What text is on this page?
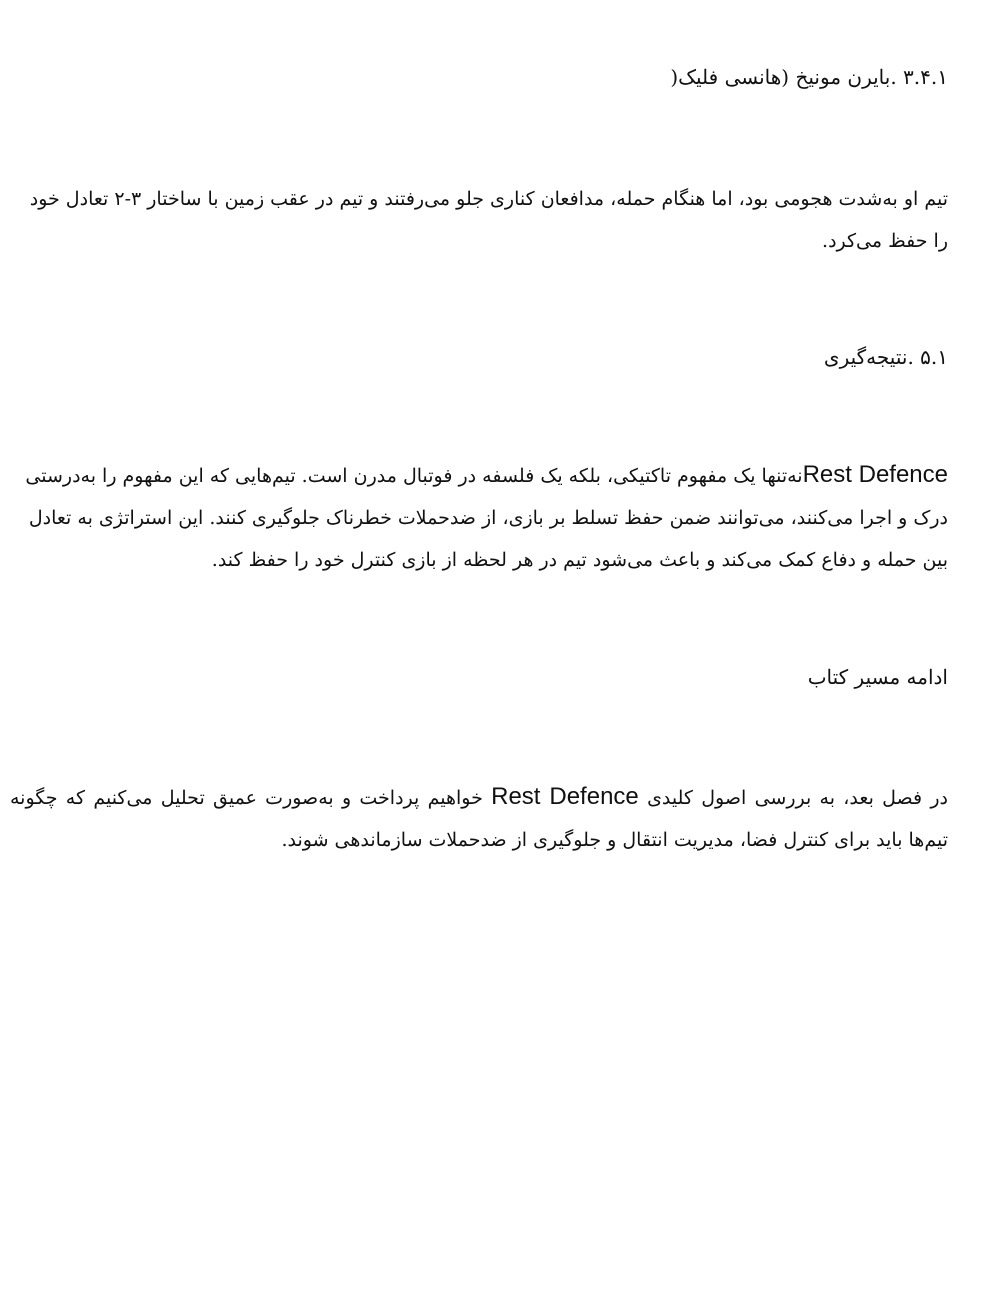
۳.۴.۱ .بایرن مونیخ (هانسی فلیک(
تیم او به‌شدت هجومی بود، اما هنگام حمله، مدافعان کناری جلو می‌رفتند و تیم در عقب زمین با ساختار ۳-۲ تعادل خود را حفظ می‌کرد.
۵.۱ .نتیجه‌گیری
Rest Defenceنه‌تنها یک مفهوم تاکتیکی، بلکه یک فلسفه در فوتبال مدرن است. تیم‌هایی که این مفهوم را به‌درستی درک و اجرا می‌کنند، می‌توانند ضمن حفظ تسلط بر بازی، از ضدحملات خطرناک جلوگیری کنند. این استراتژی به تعادل بین حمله و دفاع کمک می‌کند و باعث می‌شود تیم در هر لحظه از بازی کنترل خود را حفظ کند.
ادامه مسیر کتاب
در فصل بعد، به بررسی اصول کلیدی Rest Defence خواهیم پرداخت و به‌صورت عمیق تحلیل می‌کنیم که چگونه تیم‌ها باید برای کنترل فضا، مدیریت انتقال و جلوگیری از ضدحملات سازماندهی شوند.
